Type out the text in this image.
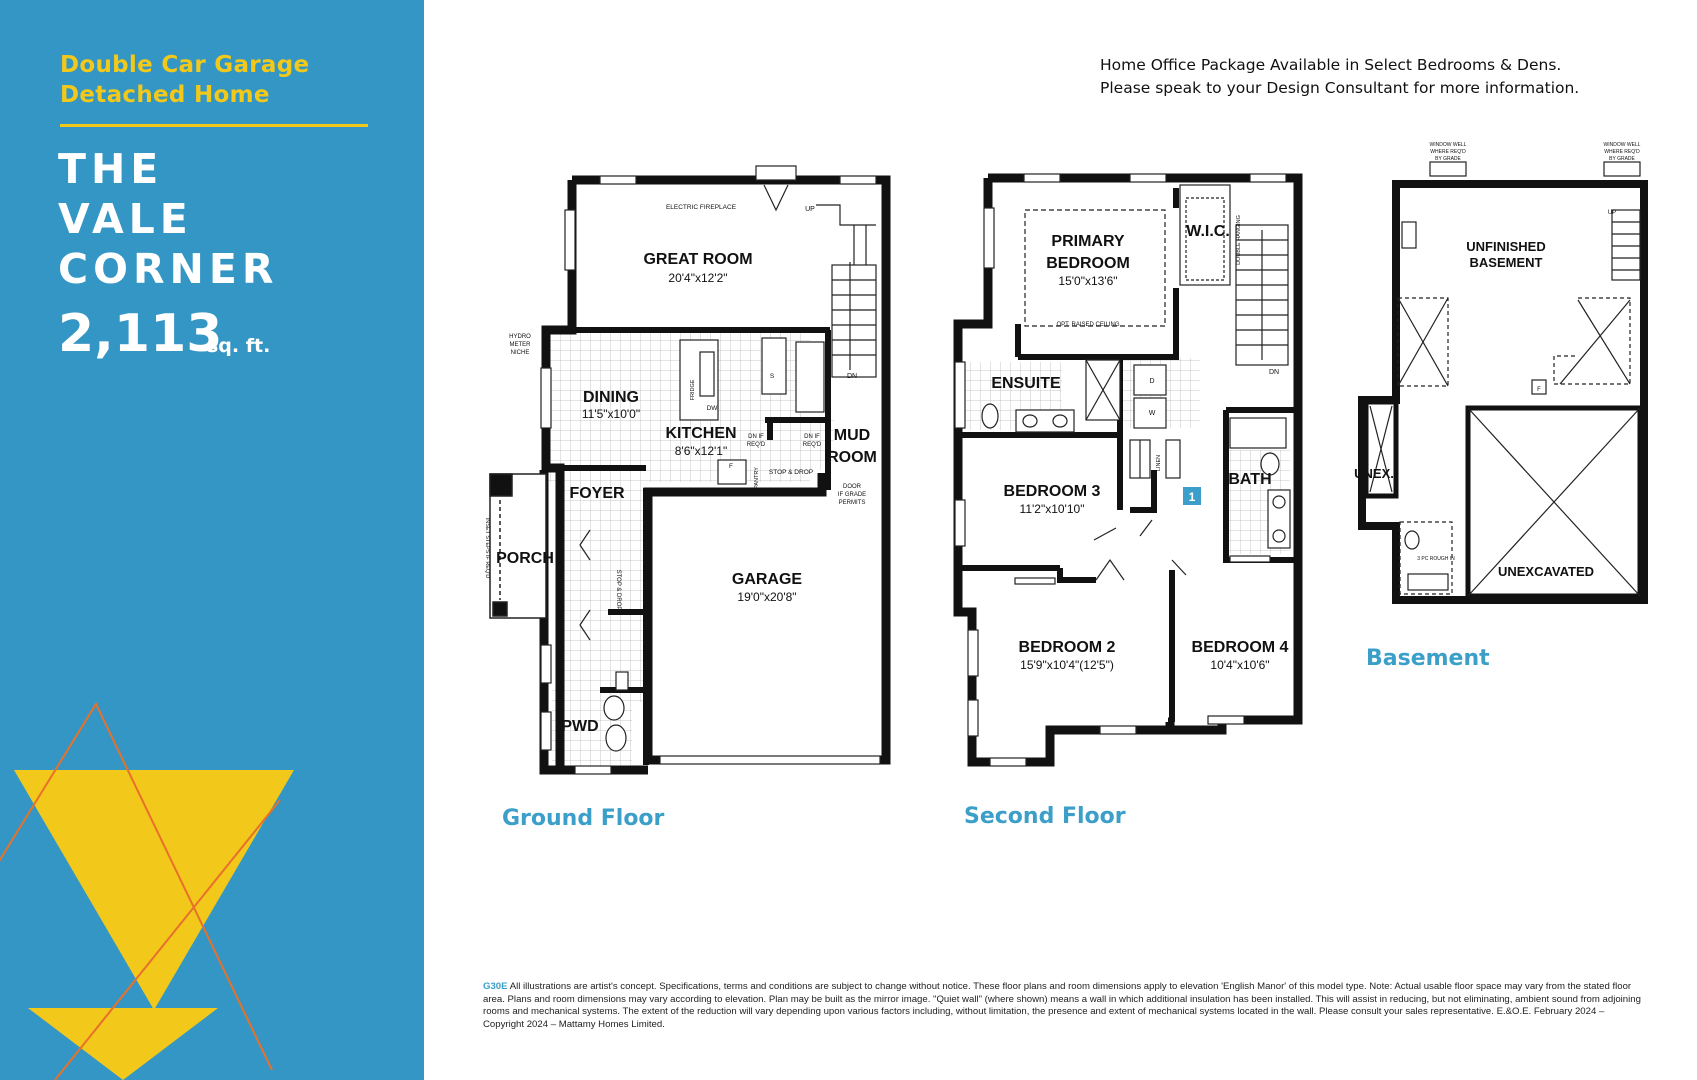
Double Car Garage
Detached Home
THE
VALE
CORNER
2,113
sq. ft.
Home Office Package Available in Select Bedrooms & Dens.
Please speak to your Design Consultant for more information.
GREAT ROOM
20'4"x12'2"
DINING
11'5"x10'0"
KITCHEN
8'6"x12'1"
MUD
ROOM
FOYER
PORCH
GARAGE
19'0"x20'8"
PWD
ELECTRIC FIREPLACE
HYDRO
METER
NICHE
STOP & DROP
STOP & DROP
DN IF
REQ'D
DN IF
REQ'D
DOOR
IF GRADE
PERMITS
PANTRY
UP
DN
DW
FRIDGE
S
F
INSET STEPS IF REQ'D
1
PRIMARY
BEDROOM
15'0"x13'6"
OPT. RAISED CEILING
W.I.C. DOUBLE HANGING
ENSUITE
BEDROOM 3
11'2"x10'10"
BATH
LINEN
D
W
DN
BEDROOM 2
15'9"x10'4"(12'5")
BEDROOM 4
10'4"x10'6"
UNFINISHED
BASEMENT
UNEX.
UNEXCAVATED
WINDOW WELL
WHERE REQ'D
BY GRADE
WINDOW WELL
WHERE REQ'D
BY GRADE
3 PC ROUGH IN
F
UP
Ground Floor	Second Floor
Basement
G30E All illustrations are artist's concept. Specifications, terms and conditions are subject to change without notice. These floor plans and room dimensions apply to elevation 'English Manor' of this model type. Note: Actual usable floor space may vary from the stated floor area. Plans and room dimensions may vary according to elevation. Plan may be built as the mirror image. "Quiet wall" (where shown) means a wall in which additional insulation has been installed. This will assist in reducing, but not eliminating, ambient sound from adjoining rooms and mechanical systems. The extent of the reduction will vary depending upon various factors including, without limitation, the presence and extent of mechanical systems located in the wall. Please consult your sales representative. E.&O.E. February 2024 – Copyright 2024 – Mattamy Homes Limited.
